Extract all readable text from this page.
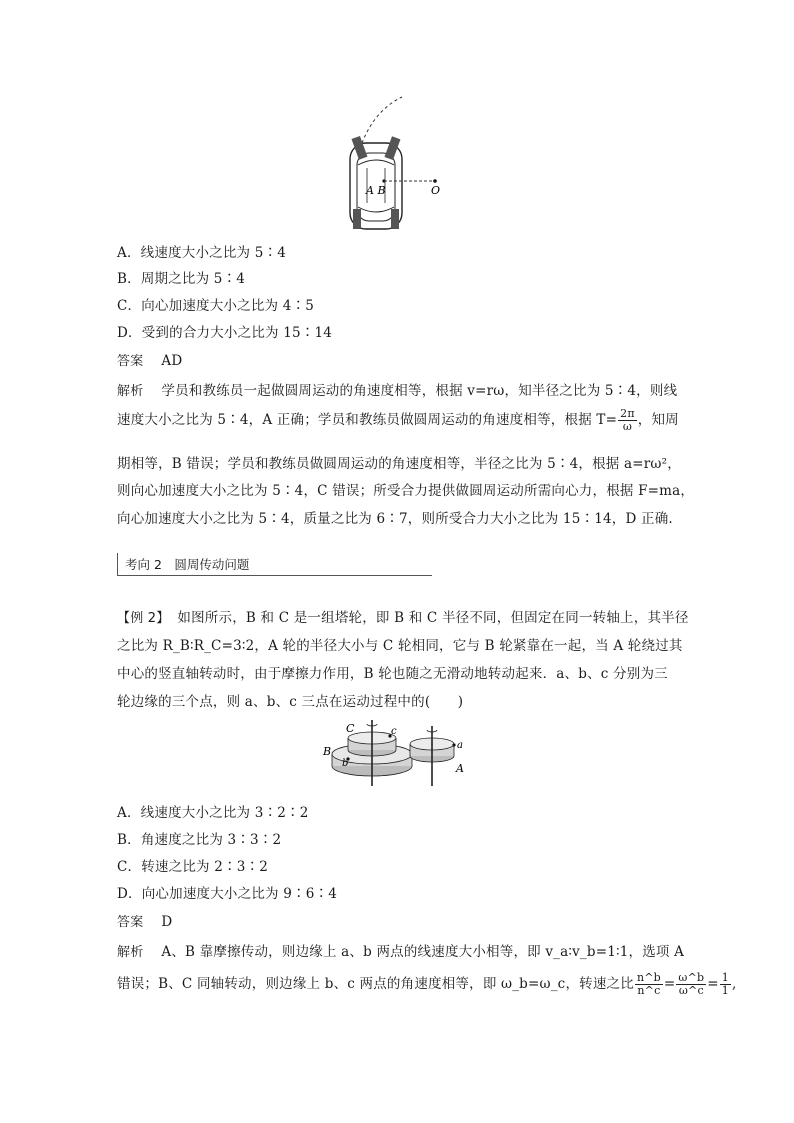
A B	O
A．线速度大小之比为 5∶4
B．周期之比为 5∶4
C．向心加速度大小之比为 4∶5
D．受到的合力大小之比为 15∶14
答案 AD
解析 学员和教练员一起做圆周运动的角速度相等，根据 v=rω，知半径之比为 5∶4，则线
速度大小之比为 5∶4，A 正确；学员和教练员做圆周运动的角速度相等，根据 $T= \frac{2\pi}{\omega}$ ，知周
期相等，B 错误；学员和教练员做圆周运动的角速度相等，半径之比为 5∶4，根据 a=rω²，
则向心加速度大小之比为 5∶4，C 错误；所受合力提供做圆周运动所需向心力，根据 F=ma，
向心加速度大小之比为 5∶4，质量之比为 6∶7，则所受合力大小之比为 15∶14，D 正确.
考向 2　圆周传动问题
【例 2】 如图所示，B 和 C 是一组塔轮，即 B 和 C 半径不同，但固定在同一转轴上，其半径
之比为 R_B∶R_C=3∶2，A 轮的半径大小与 C 轮相同，它与 B 轮紧靠在一起，当 A 轮绕过其
中心的竖直轴转动时，由于摩擦力作用，B 轮也随之无滑动地转动起来．a、b、c 分别为三
轮边缘的三个点，则 a、b、c 三点在运动过程中的(　　)
C	c
B
b
a
A
A．线速度大小之比为 3∶2∶2
B．角速度之比为 3∶3∶2
C．转速之比为 2∶3∶2
D．向心加速度大小之比为 9∶6∶4
答案 D
解析 A、B 靠摩擦传动，则边缘上 a、b 两点的线速度大小相等，即 v_a∶v_b=1∶1，选项 A
错误；B、C 同轴转动，则边缘上 b、c 两点的角速度相等，即 ω_b=ω_c，转速之比 $\frac{n\^{}b}{n\^{}c} = \frac{\omega\^{}b}{\omega\^{}c} = \frac{1}{1}$ ,
